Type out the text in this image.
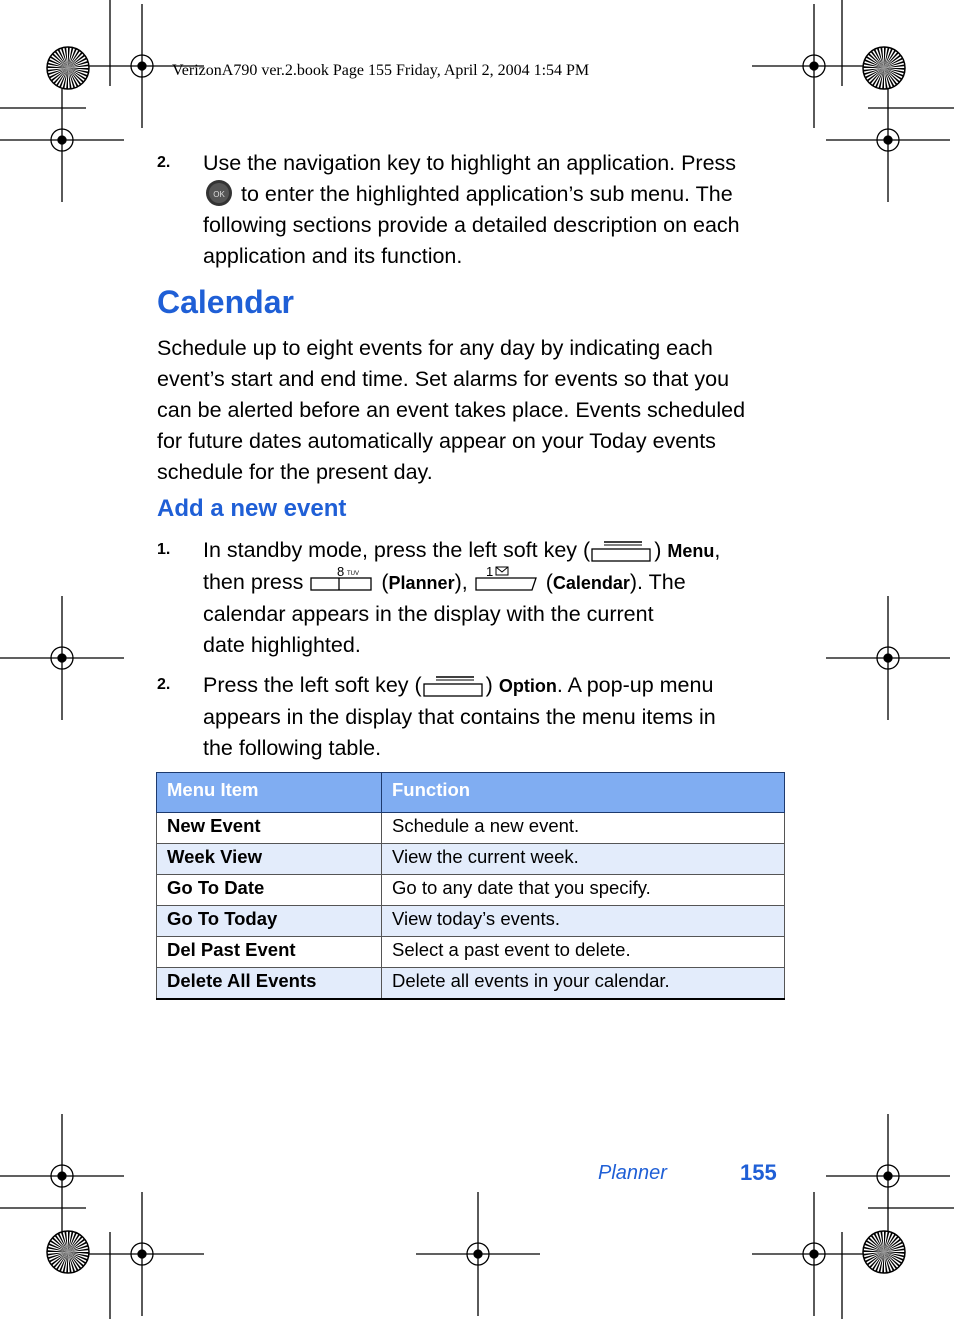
VerizonA790 ver.2.book Page 155 Friday, April 2, 2004 1:54 PM
2. Use the navigation key to highlight an application. Press
OK to enter the highlighted application’s sub menu. The
following sections provide a detailed description on each
application and its function.
Calendar
Schedule up to eight events for any day by indicating each
event’s start and end time. Set alarms for events so that you
can be alerted before an event takes place. Events scheduled
for future dates automatically appear on your Today events
schedule for the present day.
Add a new event
1. In standby mode, press the left soft key (	) Menu,
then press	8 TUV (Planner), 1 (Calendar). The
calendar appears in the display with the current
date highlighted.
2. Press the left soft key (	) Option. A pop-up menu
appears in the display that contains the menu items in
the following table.
Menu Item	Function
New Event	Schedule a new event.
Week View	View the current week.
Go To Date	Go to any date that you specify.
Go To Today	View today’s events.
Del Past Event	Select a past event to delete.
Delete All Events	Delete all events in your calendar.
Planner	155
